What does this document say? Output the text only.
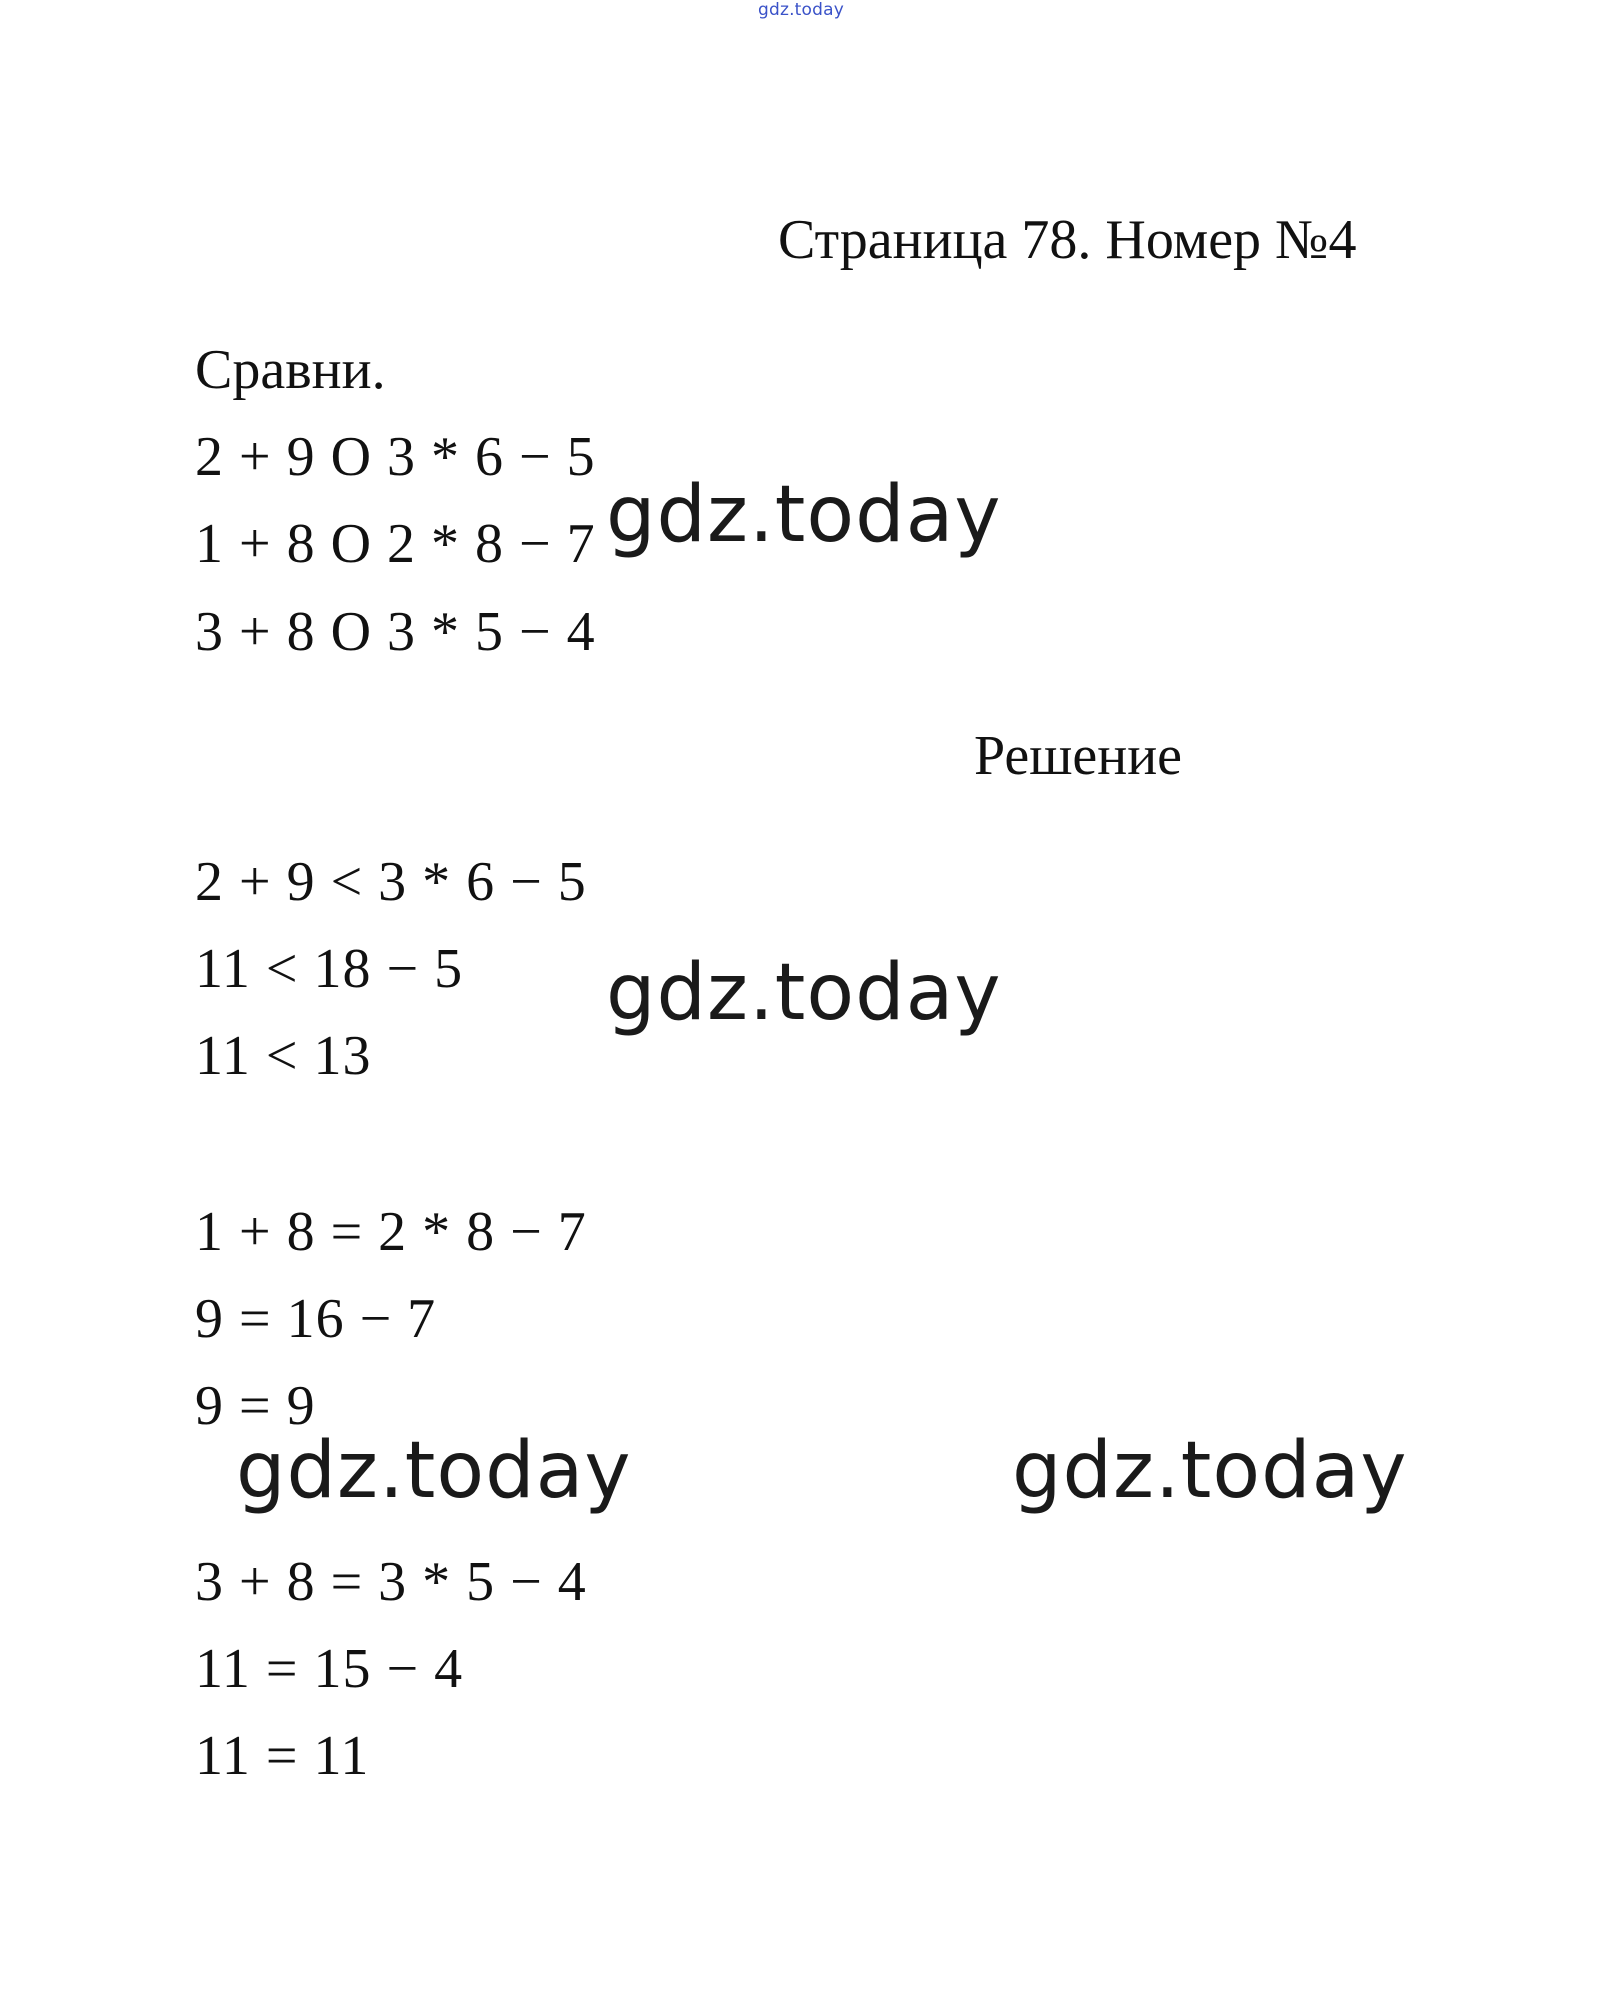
gdz.today
Страница 78. Номер №4
Сравни.
2 + 9 O 3 * 6 − 5
1 + 8 O 2 * 8 − 7
3 + 8 O 3 * 5 − 4
Решение
2 + 9 < 3 * 6 − 5
11 < 18 − 5
11 < 13
1 + 8 = 2 * 8 − 7
9 = 16 − 7
9 = 9
3 + 8 = 3 * 5 − 4
11 = 15 − 4
11 = 11
gdz.today
gdz.today
gdz.today	gdz.today
